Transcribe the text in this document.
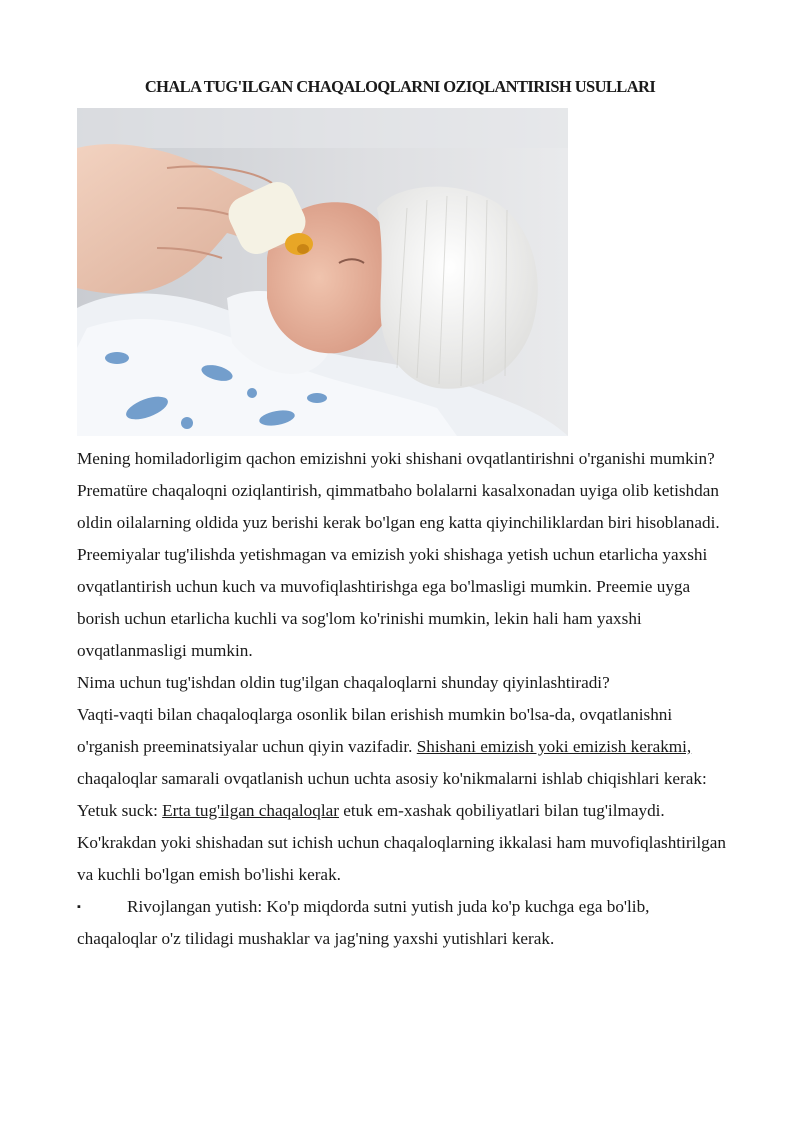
CHALA TUG'ILGAN CHAQALOQLARNI OZIQLANTIRISH USULLARI

Mening homiladorligim qachon emizishni yoki shishani ovqatlantirishni o'rganishi mumkin?

Prematüre chaqaloqni oziqlantirish, qimmatbaho bolalarni kasalxonadan uyiga olib ketishdan oldin oilalarning oldida yuz berishi kerak bo'lgan eng katta qiyinchiliklardan biri hisoblanadi. Preemiyalar tug'ilishda yetishmagan va emizish yoki shishaga yetish uchun etarlicha yaxshi ovqatlantirish uchun kuch va muvofiqlashtirishga ega bo'lmasligi mumkin. Preemie uyga borish uchun etarlicha kuchli va sog'lom ko'rinishi mumkin, lekin hali ham yaxshi ovqatlanmasligi mumkin.

Nima uchun tug'ishdan oldin tug'ilgan chaqaloqlarni shunday qiyinlashtiradi?

Vaqti-vaqti bilan chaqaloqlarga osonlik bilan erishish mumkin bo'lsa-da, ovqatlanishni o'rganish preeminatsiyalar uchun qiyin vazifadir. Shishani emizish yoki emizish kerakmi, chaqaloqlar samarali ovqatlanish uchun uchta asosiy ko'nikmalarni ishlab chiqishlari kerak: Yetuk suck: Erta tug'ilgan chaqaloqlar etuk em-xashak qobiliyatlari bilan tug'ilmaydi. Ko'krakdan yoki shishadan sut ichish uchun chaqaloqlarning ikkalasi ham muvofiqlashtirilgan va kuchli bo'lgan emish bo'lishi kerak.

▪	Rivojlangan yutish: Ko'p miqdorda sutni yutish juda ko'p kuchga ega bo'lib, chaqaloqlar o'z tilidagi mushaklar va jag'ning yaxshi yutishlari kerak.
